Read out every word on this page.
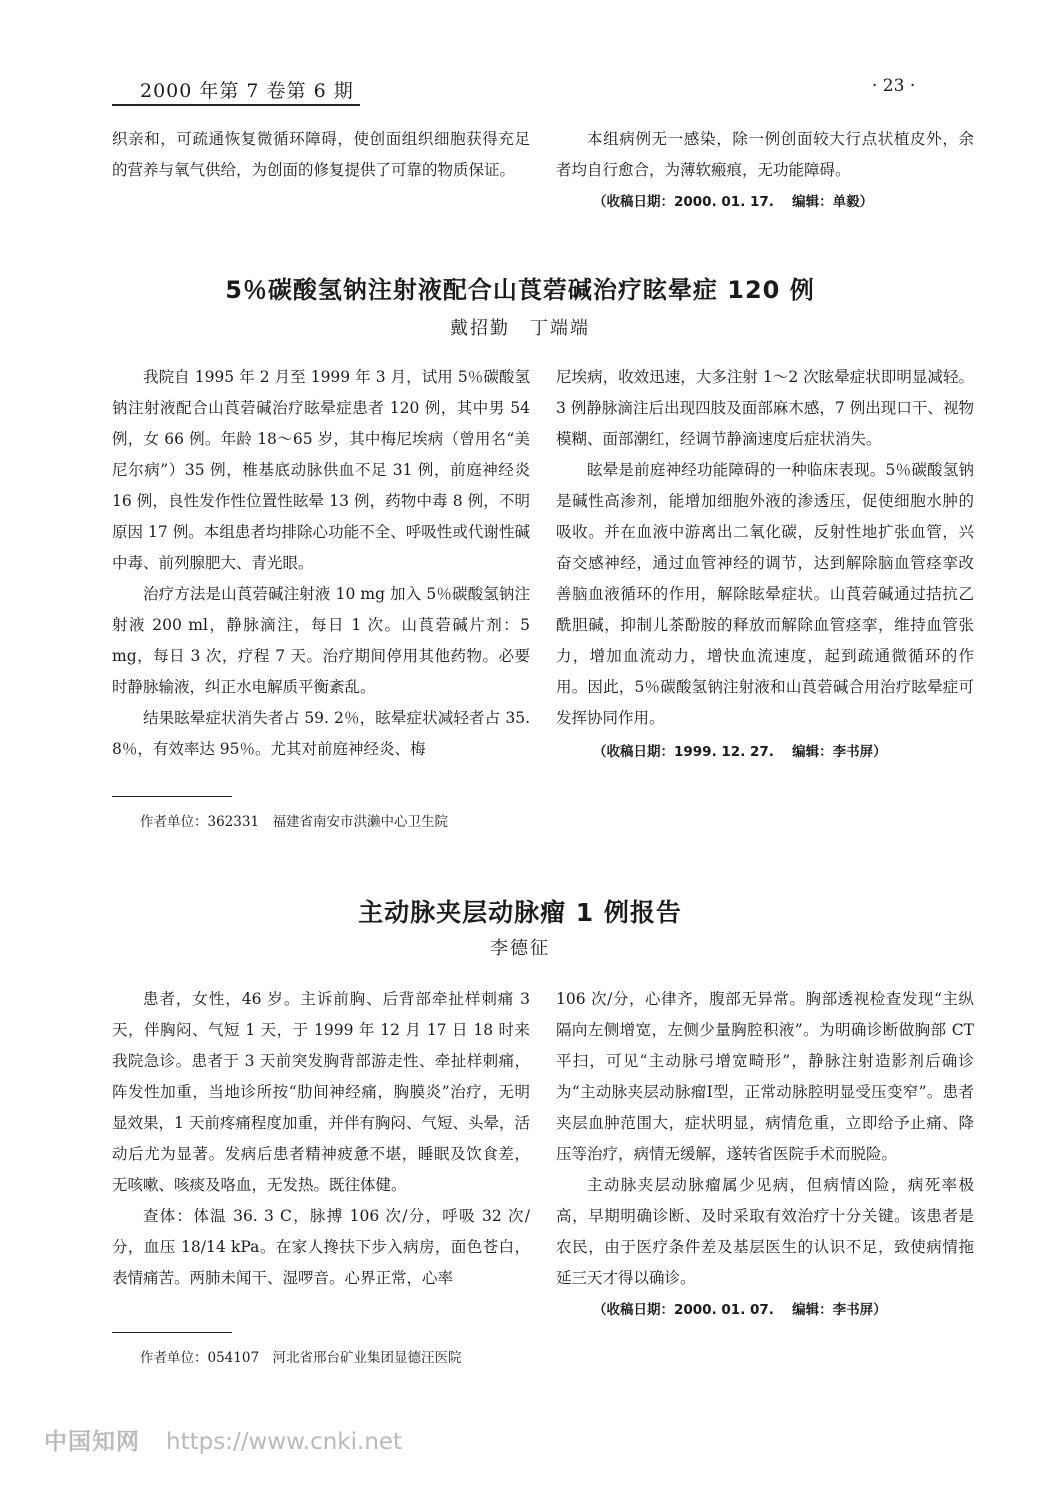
2000 年第 7 卷第 6 期	· 23 ·

织亲和，可疏通恢复微循环障碍，使创面组织细胞获得充足的营养与氧气供给，为创面的修复提供了可靠的物质保证。

本组病例无一感染，除一例创面较大行点状植皮外，余者均自行愈合，为薄软瘢痕，无功能障碍。

（收稿日期：2000. 01. 17.　 编辑：单毅）

5％碳酸氢钠注射液配合山莨菪碱治疗眩晕症 120 例
戴招勤　丁端端

我院自 1995 年 2 月至 1999 年 3 月，试用 5％碳酸氢钠注射液配合山莨菪碱治疗眩晕症患者 120 例，其中男 54 例，女 66 例。年龄 18～65 岁，其中梅尼埃病（曾用名“美尼尔病”）35 例，椎基底动脉供血不足 31 例，前庭神经炎 16 例，良性发作性位置性眩晕 13 例，药物中毒 8 例，不明原因 17 例。本组患者均排除心功能不全、呼吸性或代谢性碱中毒、前列腺肥大、青光眼。

治疗方法是山莨菪碱注射液 10 mg 加入 5％碳酸氢钠注射液 200 ml，静脉滴注，每日 1 次。山莨菪碱片剂：5 mg，每日 3 次，疗程 7 天。治疗期间停用其他药物。必要时静脉输液，纠正水电解质平衡紊乱。

结果眩晕症状消失者占 59. 2％，眩晕症状减轻者占 35. 8％，有效率达 95％。尤其对前庭神经炎、梅

尼埃病，收效迅速，大多注射 1～2 次眩晕症状即明显减轻。3 例静脉滴注后出现四肢及面部麻木感，7 例出现口干、视物模糊、面部潮红，经调节静滴速度后症状消失。

眩晕是前庭神经功能障碍的一种临床表现。5％碳酸氢钠是碱性高渗剂，能增加细胞外液的渗透压，促使细胞水肿的吸收。并在血液中游离出二氧化碳，反射性地扩张血管，兴奋交感神经，通过血管神经的调节，达到解除脑血管痉挛改善脑血液循环的作用，解除眩晕症状。山莨菪碱通过拮抗乙酰胆碱，抑制儿茶酚胺的释放而解除血管痉挛，维持血管张力，增加血流动力，增快血流速度，起到疏通微循环的作用。因此，5％碳酸氢钠注射液和山莨菪碱合用治疗眩晕症可发挥协同作用。

（收稿日期：1999. 12. 27.　 编辑：李书屏）

作者单位：362331　福建省南安市洪濑中心卫生院
主动脉夹层动脉瘤 1 例报告
李德征

患者，女性，46 岁。主诉前胸、后背部牵扯样刺痛 3 天，伴胸闷、气短 1 天，于 1999 年 12 月 17 日 18 时来我院急诊。患者于 3 天前突发胸背部游走性、牵扯样刺痛，阵发性加重，当地诊所按“肋间神经痛，胸膜炎”治疗，无明显效果，1 天前疼痛程度加重，并伴有胸闷、气短、头晕，活动后尤为显著。发病后患者精神疲惫不堪，睡眠及饮食差，无咳嗽、咳痰及咯血，无发热。既往体健。

查体：体温 36. 3 C，脉搏 106 次/分，呼吸 32 次/分，血压 18/14 kPa。在家人搀扶下步入病房，面色苍白，表情痛苦。两肺未闻干、湿啰音。心界正常，心率

106 次/分，心律齐，腹部无异常。胸部透视检查发现“主纵隔向左侧增宽，左侧少量胸腔积液”。为明确诊断做胸部 CT 平扫，可见“主动脉弓增宽畸形”，静脉注射造影剂后确诊为“主动脉夹层动脉瘤Ⅰ型，正常动脉腔明显受压变窄”。患者夹层血肿范围大，症状明显，病情危重，立即给予止痛、降压等治疗，病情无缓解，遂转省医院手术而脱险。

主动脉夹层动脉瘤属少见病，但病情凶险，病死率极高，早期明确诊断、及时采取有效治疗十分关键。该患者是农民，由于医疗条件差及基层医生的认识不足，致使病情拖延三天才得以确诊。

（收稿日期：2000. 01. 07.　 编辑：李书屏）

作者单位：054107　河北省邢台矿业集团显德汪医院
中国知网 https://www.cnki.net
